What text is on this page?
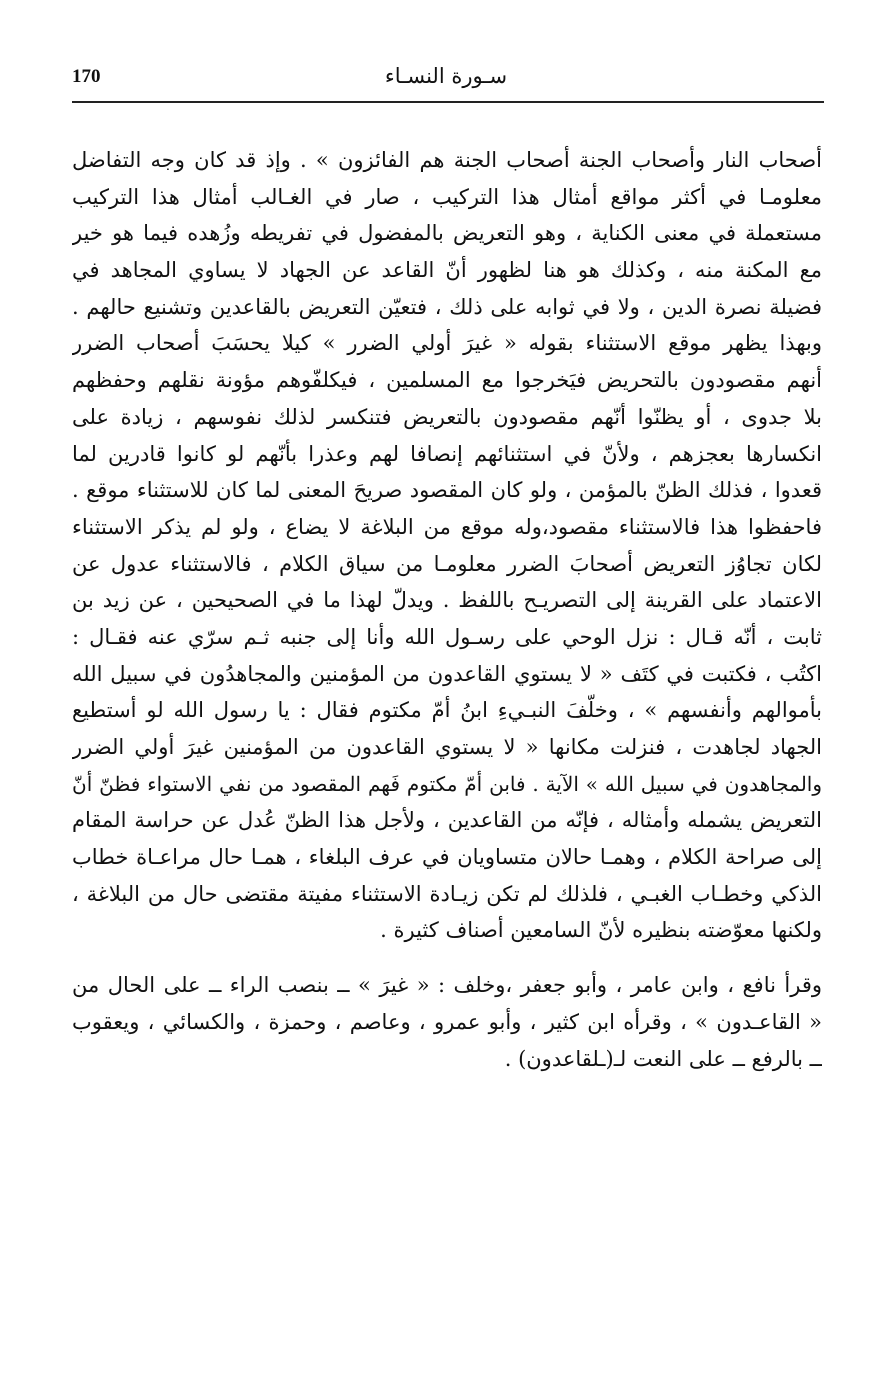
170	سـورة النسـاء
أصحاب النار وأصحاب الجنة أصحاب الجنة هم الفائزون » . وإذ قد كان وجه التفاضل
معلومـا في أكثر مواقع أمثال هذا التركيب ، صار في الغـالب أمثال هذا التركيب
مستعملة في معنى الكناية ، وهو التعريض بالمفضول في تفريطه وزُهده فيما هو خير
مع المكنة منه ، وكذلك هو هنا لظهور أنّ القاعد عن الجهاد لا يساوي المجاهد في
فضيلة نصرة الدين ، ولا في ثوابه على ذلك ، فتعيّن التعريض بالقاعدين وتشنيع حالهم .
وبهذا يظهر موقع الاستثناء بقوله « غيرَ أولي الضرر » كيلا يحسَبَ أصحاب الضرر
أنهم مقصودون بالتحريض فيَخرجوا مع المسلمين ، فيكلفّوهم مؤونة نقلهم وحفظهم
بلا جدوى ، أو يظنّوا أنّهم مقصودون بالتعريض فتنكسر لذلك نفوسهم ، زيادة على
انكسارها بعجزهم ، ولأنّ في استثنائهم إنصافا لهم وعذرا بأنّهم لو كانوا قادرين لما
قعدوا ، فذلك الظنّ بالمؤمن ، ولو كان المقصود صريحَ المعنى لما كان للاستثناء موقع .
فاحفظوا هذا فالاستثناء مقصود،وله موقع من البلاغة لا يضاع ، ولو لم يذكر الاستثناء
لكان تجاوُز التعريض أصحابَ الضرر معلومـا من سياق الكلام ، فالاستثناء عدول عن
الاعتماد على القرينة إلى التصريـح باللفظ . ويدلّ لهذا ما في الصحيحين ، عن زيد بن
ثابت ، أنّه قـال : نزل الوحي على رسـول الله وأنا إلى جنبه ثـم سرّي عنه فقـال :
اكتُب ، فكتبت في كتَف « لا يستوي القاعدون من المؤمنين والمجاهدُون في سبيل الله
بأموالهم وأنفسهم » ، وخلّفَ النبـيءِ ابنُ أمّ مكتوم فقال : يا رسول الله لو أستطيع
الجهاد لجاهدت ، فنزلت مكانها « لا يستوي القاعدون من المؤمنين غيرَ أولي الضرر
والمجاهدون في سبيل الله » الآية . فابن أمّ مكتوم فَهم المقصود من نفي الاستواء فظنّ أنّ
التعريض يشمله وأمثاله ، فإنّه من القاعدين ، ولأجل هذا الظنّ عُدل عن حراسة المقام
إلى صراحة الكلام ، وهمـا حالان متساويان في عرف البلغاء ، همـا حال مراعـاة خطاب
الذكي وخطـاب الغبـي ، فلذلك لم تكن زيـادة الاستثناء مفيتة مقتضى حال من البلاغة ،
ولكنها معوّضته بنظيره لأنّ السامعين أصناف كثيرة .
وقرأ نافع ، وابن عامر ، وأبو جعفر ،وخلف : « غيرَ » ــ بنصب الراء ــ على الحال من
« القاعـدون » ، وقرأه ابن كثير ، وأبو عمرو ، وعاصم ، وحمزة ، والكسائي ، ويعقوب
ــ بالرفع ــ على النعت لـ(ـلقاعدون) .
